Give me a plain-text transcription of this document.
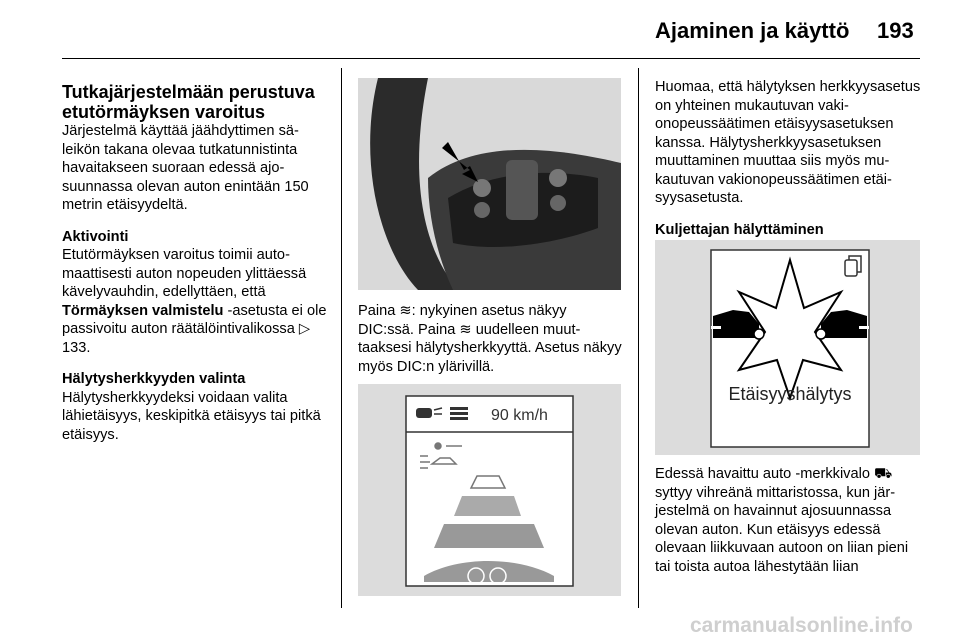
Ajaminen ja käyttö 193
Tutkajärjestelmään perustuva
etutörmäyksen varoitus

Järjestelmä käyttää jäähdyttimen säleikön takana olevaa tutkatunnistinta havaitakseen suoraan edessä ajosuunnassa olevan auton enintään 150 metrin etäisyydeltä.

Aktivointi

Etutörmäyksen varoitus toimii automaattisesti auton nopeuden ylittäessä kävelyvauhdin, edellyttäen, että Törmäyksen valmistelu -asetusta ei ole passivoitu auton räätälöintivalikossa ▷ 133.

Hälytysherkkyyden valinta

Hälytysherkkyydeksi voidaan valita lähietäisyys, keskipitkä etäisyys tai pitkä etäisyys.

Paina ≋: nykyinen asetus näkyy DIC:ssä. Paina ≋ uudelleen muuttaaksesi hälytysherkkyyttä. Asetus näkyy myös DIC:n ylärivillä.

90 km/h

Huomaa, että hälytyksen herkkyysasetus on yhteinen mukautuvan vakionopeussäätimen etäisyysasetuksen kanssa. Hälytysherkkyysasetuksen muuttaminen muuttaa siis myös mukautuvan vakionopeussäätimen etäisyysasetusta.

Kuljettajan hälyttäminen
Etäisyyshälytys

Edessä havaittu auto -merkkivalo ⛟ syttyy vihreänä mittaristossa, kun järjestelmä on havainnut ajosuunnassa olevan auton. Kun etäisyys edessä olevaan liikkuvaan autoon on liian pieni tai toista autoa lähestytään liian

carmanualsonline.info
